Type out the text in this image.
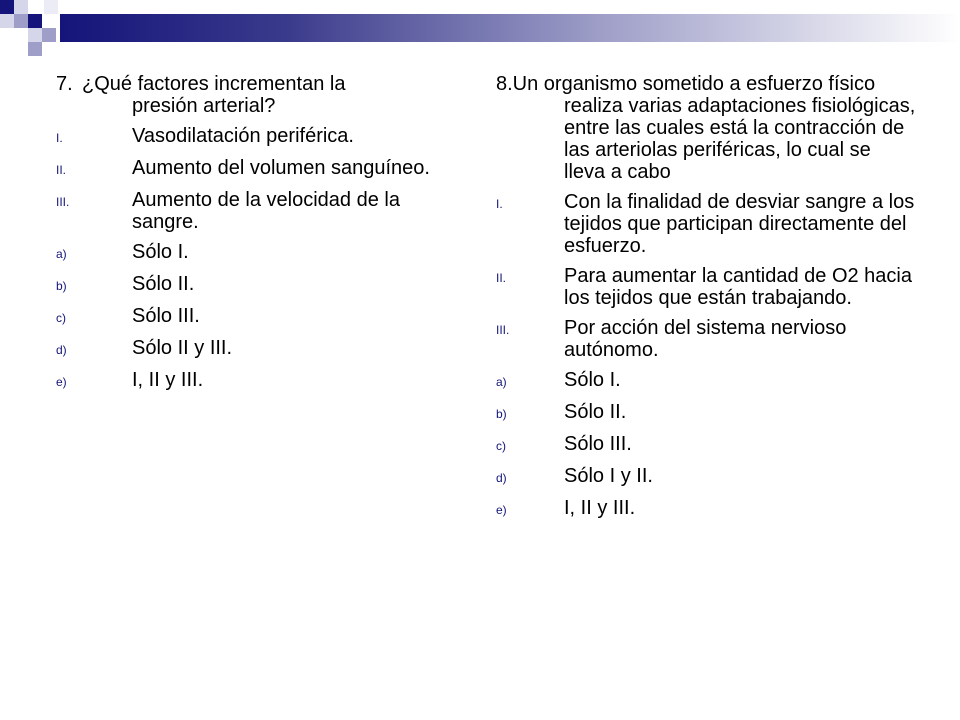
7. ¿Qué factores incrementan la
presión arterial?
I.	Vasodilatación periférica.
II.	Aumento del volumen sanguíneo.
III.	Aumento de la velocidad de la sangre.
a)	Sólo I.
b)	Sólo II.
c)	Sólo III.
d)	Sólo II y III.
e)	I, II y III.
8.Un organismo sometido a esfuerzo físico realiza varias adaptaciones fisiológicas, entre las cuales está la contracción de las arteriolas periféricas, lo cual se lleva a cabo
I.	Con la finalidad de desviar sangre a los tejidos que participan directamente del esfuerzo.
II.	Para aumentar la cantidad de O2 hacia los tejidos que están trabajando.
III.	Por acción del sistema nervioso autónomo.
a)	Sólo I.
b)	Sólo II.
c)	Sólo III.
d)	Sólo I y II.
e)	I, II y III.
